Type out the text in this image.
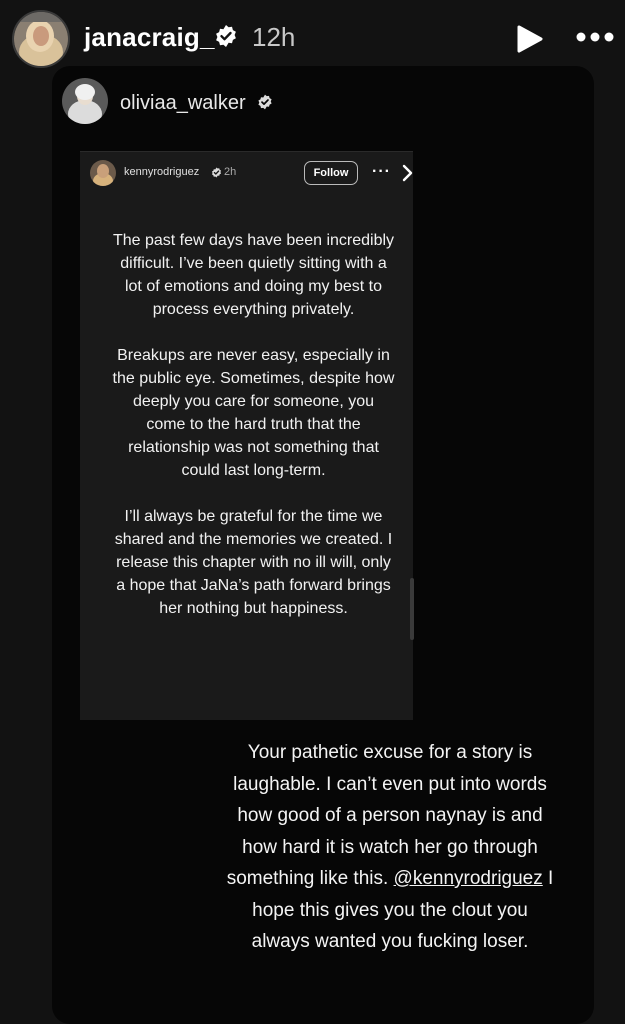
janacraig_ 12h
oliviaa_walker
kennyrodriguez 2h	Follow	···

The past few days have been incredibly difficult. I’ve been quietly sitting with a lot of emotions and doing my best to process everything privately.

Breakups are never easy, especially in the public eye. Sometimes, despite how deeply you care for someone, you come to the hard truth that the relationship was not something that could last long-term.

I’ll always be grateful for the time we shared and the memories we created. I release this chapter with no ill will, only a hope that JaNa’s path forward brings her nothing but happiness.

Your pathetic excuse for a story is laughable. I can’t even put into words how good of a person naynay is and how hard it is watch her go through something like this. @kennyrodriguez I hope this gives you the clout you always wanted you fucking loser.
